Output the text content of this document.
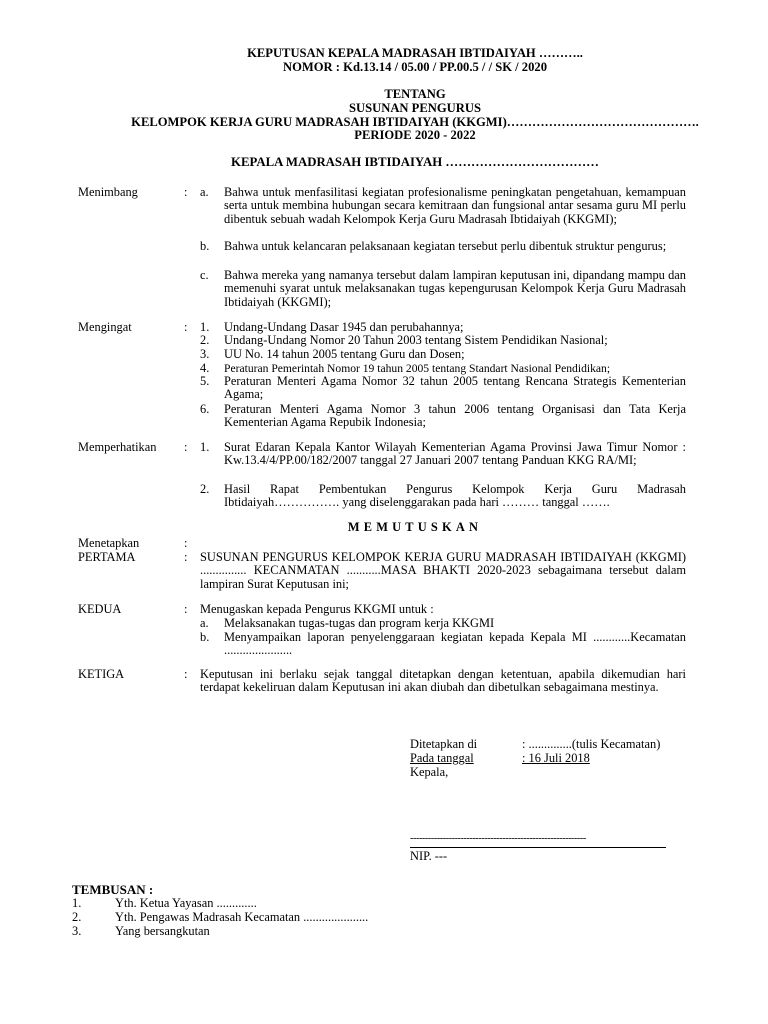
KEPUTUSAN KEPALA MADRASAH IBTIDAIYAH ………..
NOMOR : Kd.13.14 / 05.00 / PP.00.5 / / SK / 2020
TENTANG
SUSUNAN PENGURUS
KELOMPOK KERJA GURU MADRASAH IBTIDAIYAH (KKGMI)……………………………………….
PERIODE 2020 - 2022
KEPALA MADRASAH IBTIDAIYAH ………………………………
Menimbang	: a. Bahwa untuk menfasilitasi kegiatan profesionalisme peningkatan pengetahuan, kemampuan serta untuk membina hubungan secara kemitraan dan fungsional antar sesama guru MI perlu dibentuk sebuah wadah Kelompok Kerja Guru Madrasah Ibtidaiyah (KKGMI);
b. Bahwa untuk kelancaran pelaksanaan kegiatan tersebut perlu dibentuk struktur pengurus;
c. Bahwa mereka yang namanya tersebut dalam lampiran keputusan ini, dipandang mampu dan memenuhi syarat untuk melaksanakan tugas kepengurusan Kelompok Kerja Guru Madrasah Ibtidaiyah (KKGMI);
Mengingat	: 1. Undang-Undang Dasar 1945 dan perubahannya;
2. Undang-Undang Nomor 20 Tahun 2003 tentang Sistem Pendidikan Nasional;
3. UU No. 14 tahun 2005 tentang Guru dan Dosen;
4. Peraturan Pemerintah Nomor 19 tahun 2005 tentang Standart Nasional Pendidikan;
5. Peraturan Menteri Agama Nomor 32 tahun 2005 tentang Rencana Strategis Kementerian Agama;
6. Peraturan Menteri Agama Nomor 3 tahun 2006 tentang Organisasi dan Tata Kerja Kementerian Agama Repubik Indonesia;
Memperhatikan : 1. Surat Edaran Kepala Kantor Wilayah Kementerian Agama Provinsi Jawa Timur Nomor : Kw.13.4/4/PP.00/182/2007 tanggal 27 Januari 2007 tentang Panduan KKG RA/MI;
2. Hasil Rapat Pembentukan Pengurus Kelompok Kerja Guru Madrasah Ibtidaiyah……………. yang diselenggarakan pada hari ……… tanggal …….
MEMUTUSKAN
Menetapkan	:
PERTAMA	: SUSUNAN PENGURUS KELOMPOK KERJA GURU MADRASAH IBTIDAIYAH (KKGMI) ............... KECANMATAN ...........MASA BHAKTI 2020-2023 sebagaimana tersebut dalam lampiran Surat Keputusan ini;
KEDUA	: Menugaskan kepada Pengurus KKGMI untuk :
a. Melaksanakan tugas-tugas dan program kerja KKGMI
b. Menyampaikan laporan penyelenggaraan kegiatan kepada Kepala MI ............Kecamatan ......................
KETIGA	: Keputusan ini berlaku sejak tanggal ditetapkan dengan ketentuan, apabila dikemudian hari terdapat kekeliruan dalam Keputusan ini akan diubah dan dibetulkan sebagaimana mestinya.
Ditetapkan di	: ..............(tulis Kecamatan)
Pada tanggal	: 16 Juli 2018
Kepala,
-----------------------------------------------------------
NIP. ---
TEMBUSAN :
1.	Yth. Ketua Yayasan .............
2.	Yth. Pengawas Madrasah Kecamatan .....................
3.	Yang bersangkutan
